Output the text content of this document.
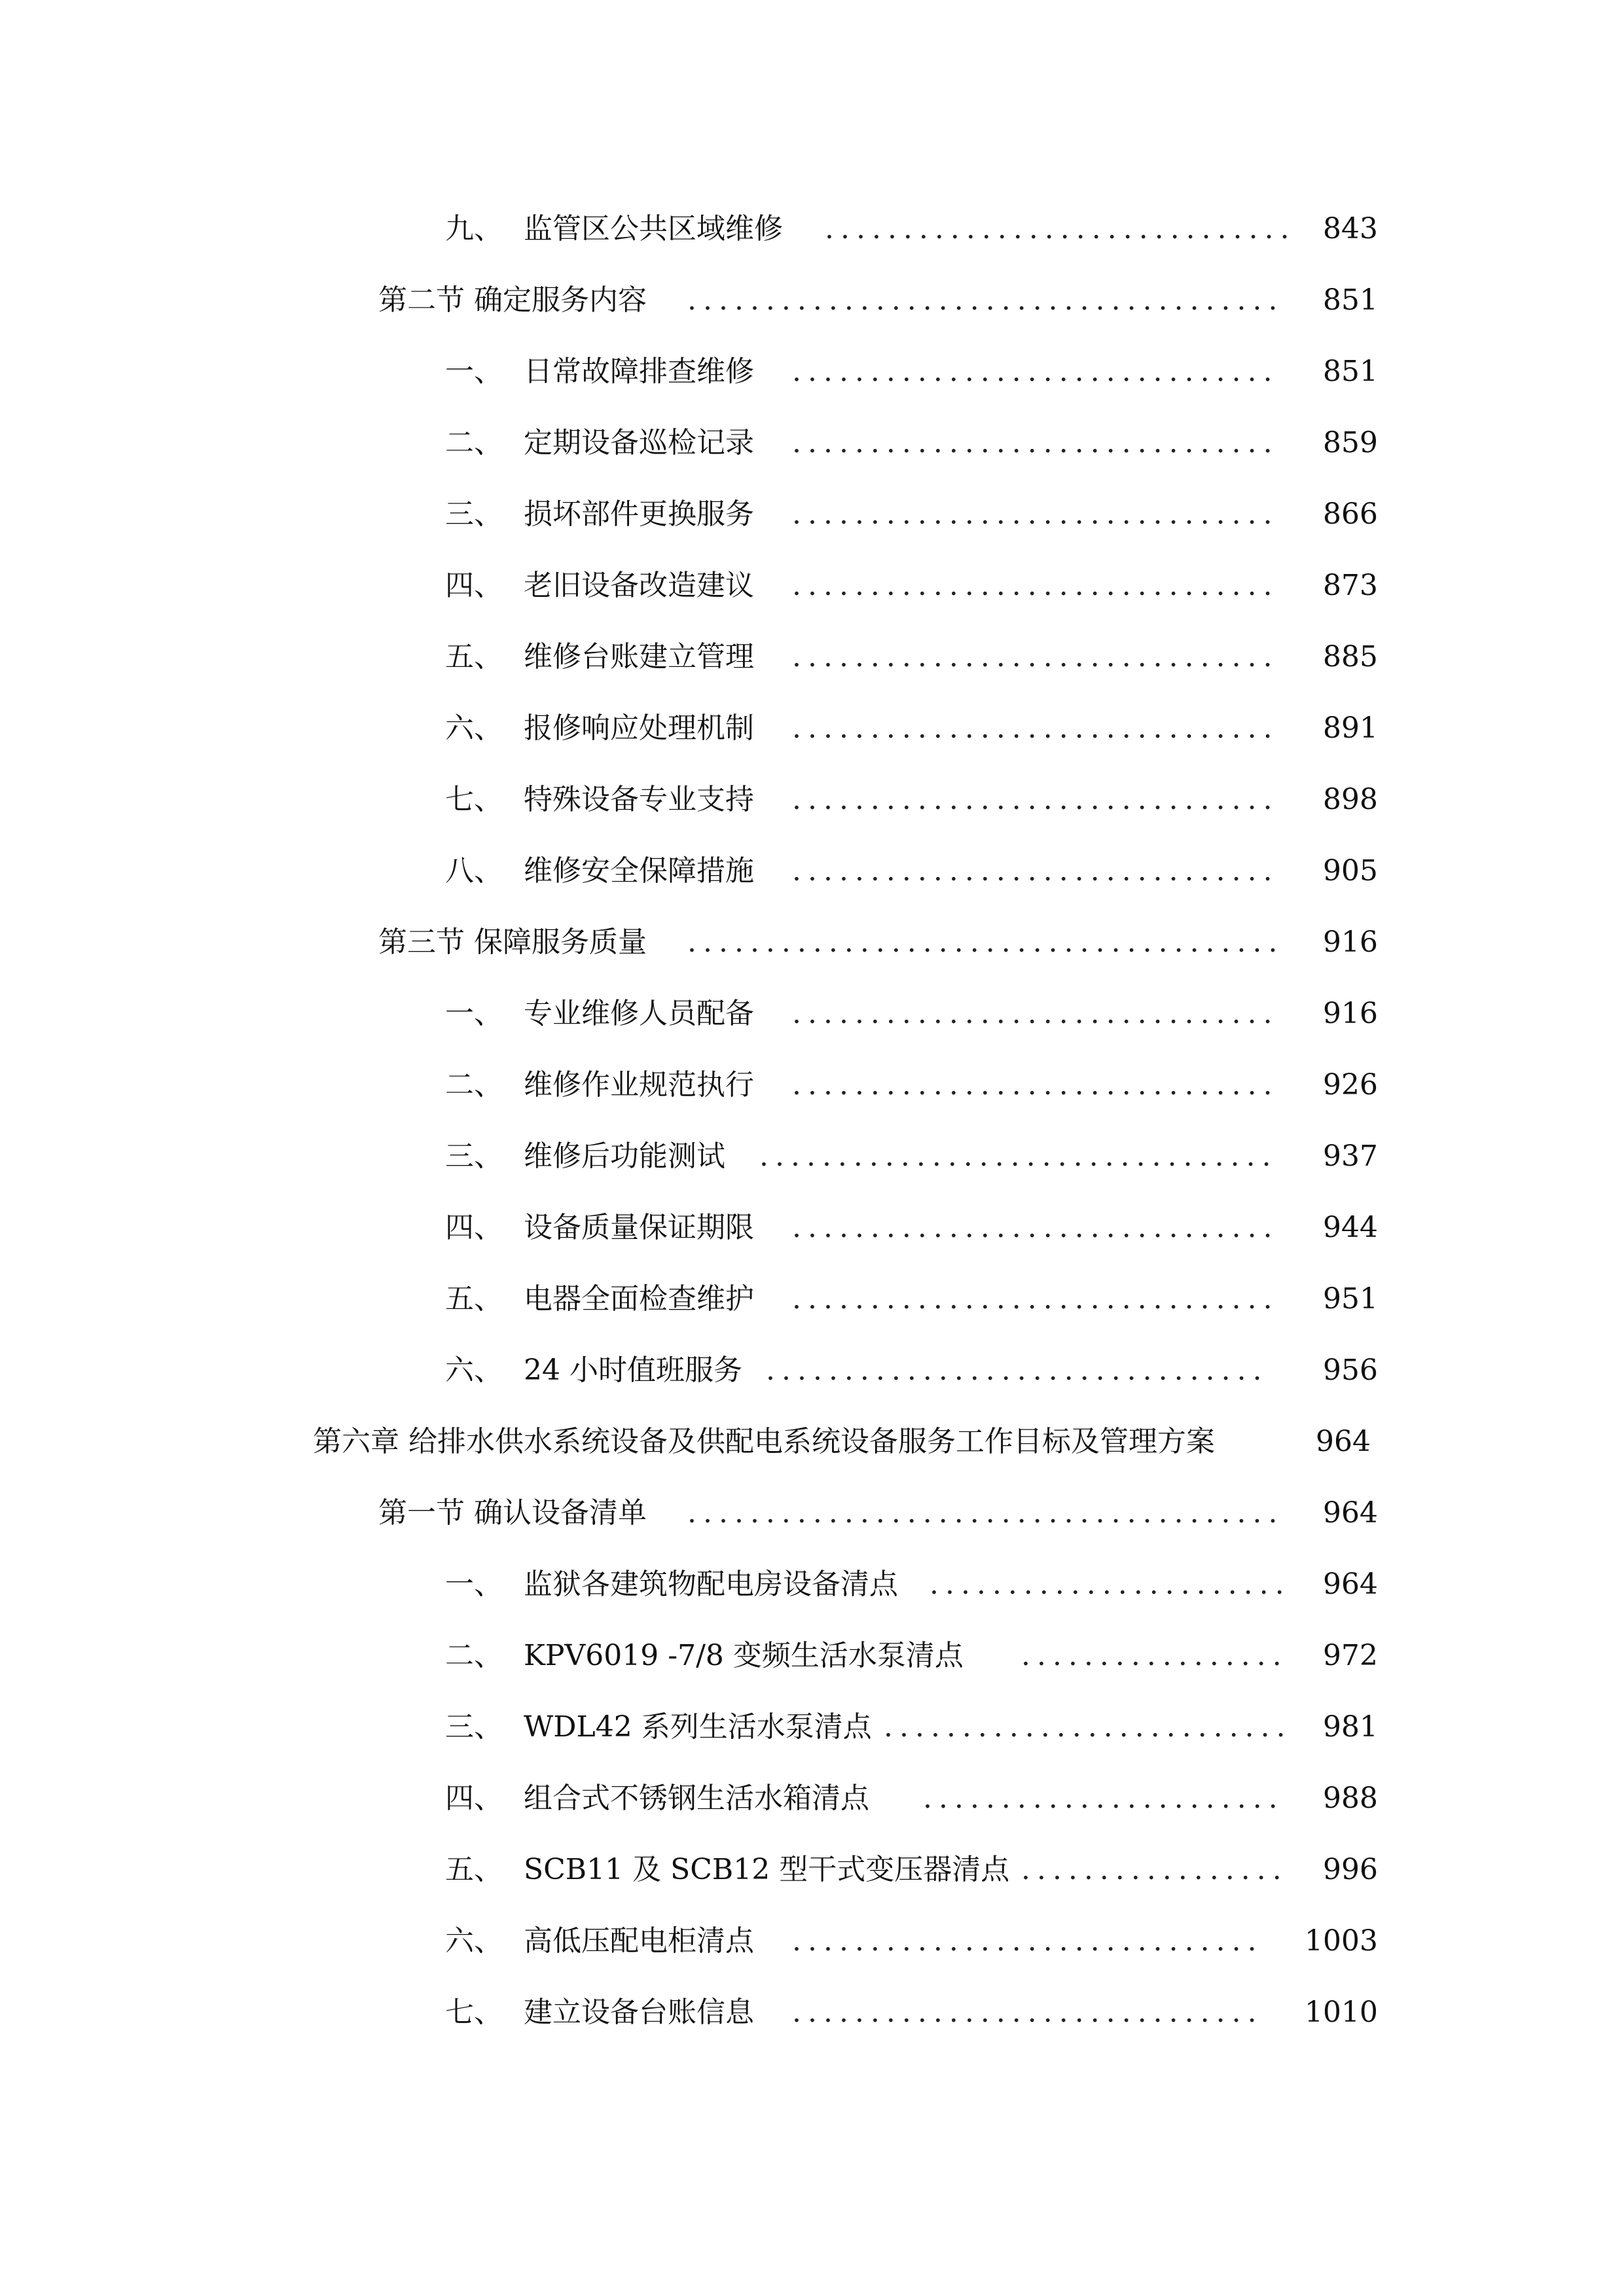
九、 监管区公共区域维修 .............................. 843
第二节 确定服务内容 ......................................	851
一、 日常故障排查维修 ...............................	851
二、 定期设备巡检记录 ...............................	859
三、 损坏部件更换服务 ...............................	866
四、 老旧设备改造建议 ...............................	873
五、 维修台账建立管理 ...............................	885
六、 报修响应处理机制 ...............................	891
七、 特殊设备专业支持 ...............................	898
八、 维修安全保障措施 ...............................	905
第三节 保障服务质量 ......................................	916
一、 专业维修人员配备 ...............................	916
二、 维修作业规范执行 ...............................	926
三、 维修后功能测试 .................................	937
四、 设备质量保证期限 ...............................	944
五、 电器全面检查维护 ...............................	951
六、 24 小时值班服务 ................................	956
第六章 给排水供水系统设备及供配电系统设备服务工作目标及管理方案	964
第一节 确认设备清单 ......................................	964
一、 监狱各建筑物配电房设备清点 .......................	964
二、 KPV6019 -7/8 变频生活水泵清点 .................	972
三、 WDL42 系列生活水泵清点 ..........................	981
四、 组合式不锈钢生活水箱清点 .......................	988
五、 SCB11 及 SCB12 型干式变压器清点 .................	996
六、 高低压配电柜清点 ..............................	1003
七、 建立设备台账信息 ..............................	1010
